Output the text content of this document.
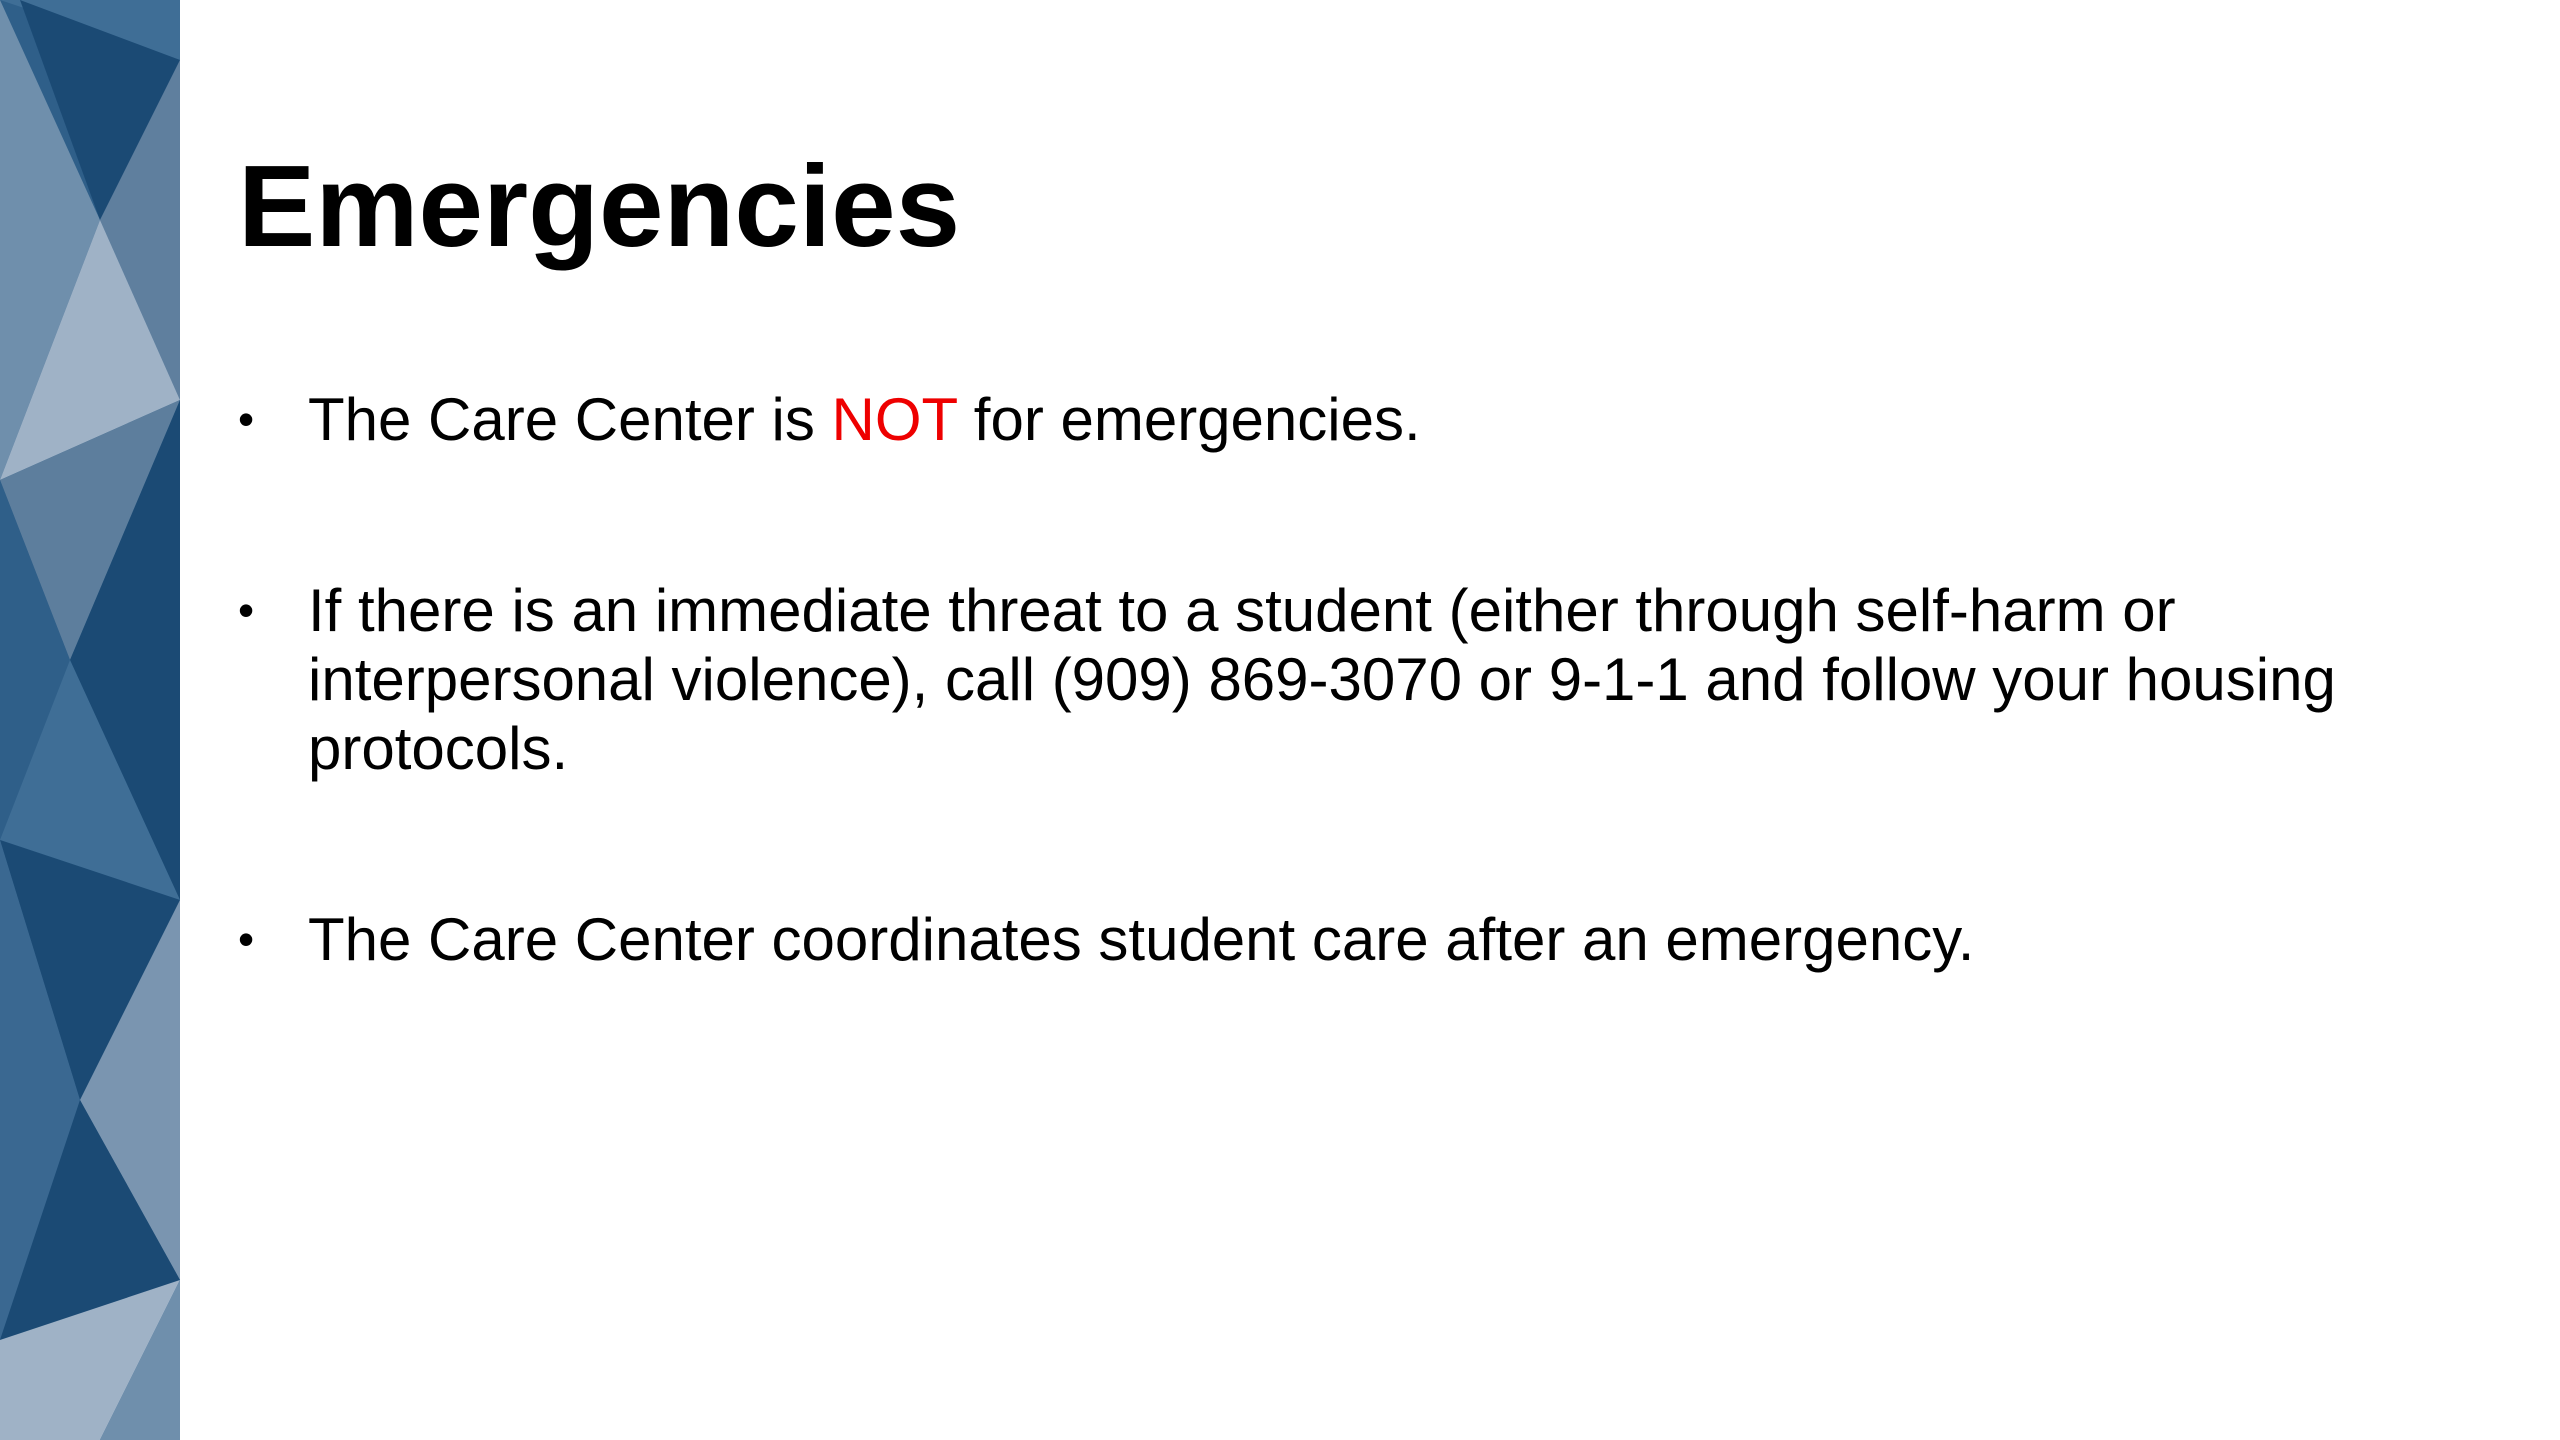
Emergencies
• The Care Center is NOT for emergencies.
• If there is an immediate threat to a student (either through self-harm or interpersonal violence), call (909) 869-3070 or 9-1-1 and follow your housing protocols.
• The Care Center coordinates student care after an emergency.
